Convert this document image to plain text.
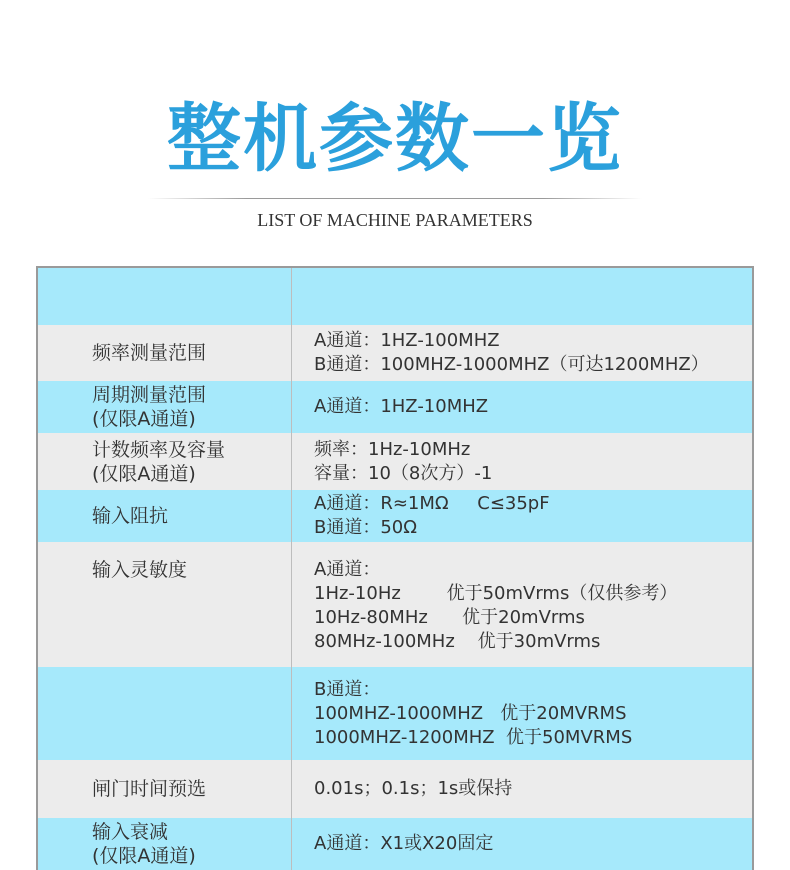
整机参数一览
LIST OF MACHINE PARAMETERS
频率测量范围
A通道：1HZ-100MHZ
B通道：100MHZ-1000MHZ（可达1200MHZ）
周期测量范围
(仅限A通道)
A通道：1HZ-10MHZ
计数频率及容量
(仅限A通道)
频率：1Hz-10MHz
容量：10（8次方）-1
输入阻抗
A通道：R≈1MΩ     C≤35pF
B通道：50Ω
输入灵敏度	A通道：
1Hz-10Hz        优于50mVrms（仅供参考）
10Hz-80MHz      优于20mVrms
80MHz-100MHz    优于30mVrms
B通道：
100MHZ-1000MHZ   优于20MVRMS
1000MHZ-1200MHZ  优于50MVRMS
闸门时间预选	0.01s；0.1s；1s或保持
输入衰减
(仅限A通道)
A通道：X1或X20固定
